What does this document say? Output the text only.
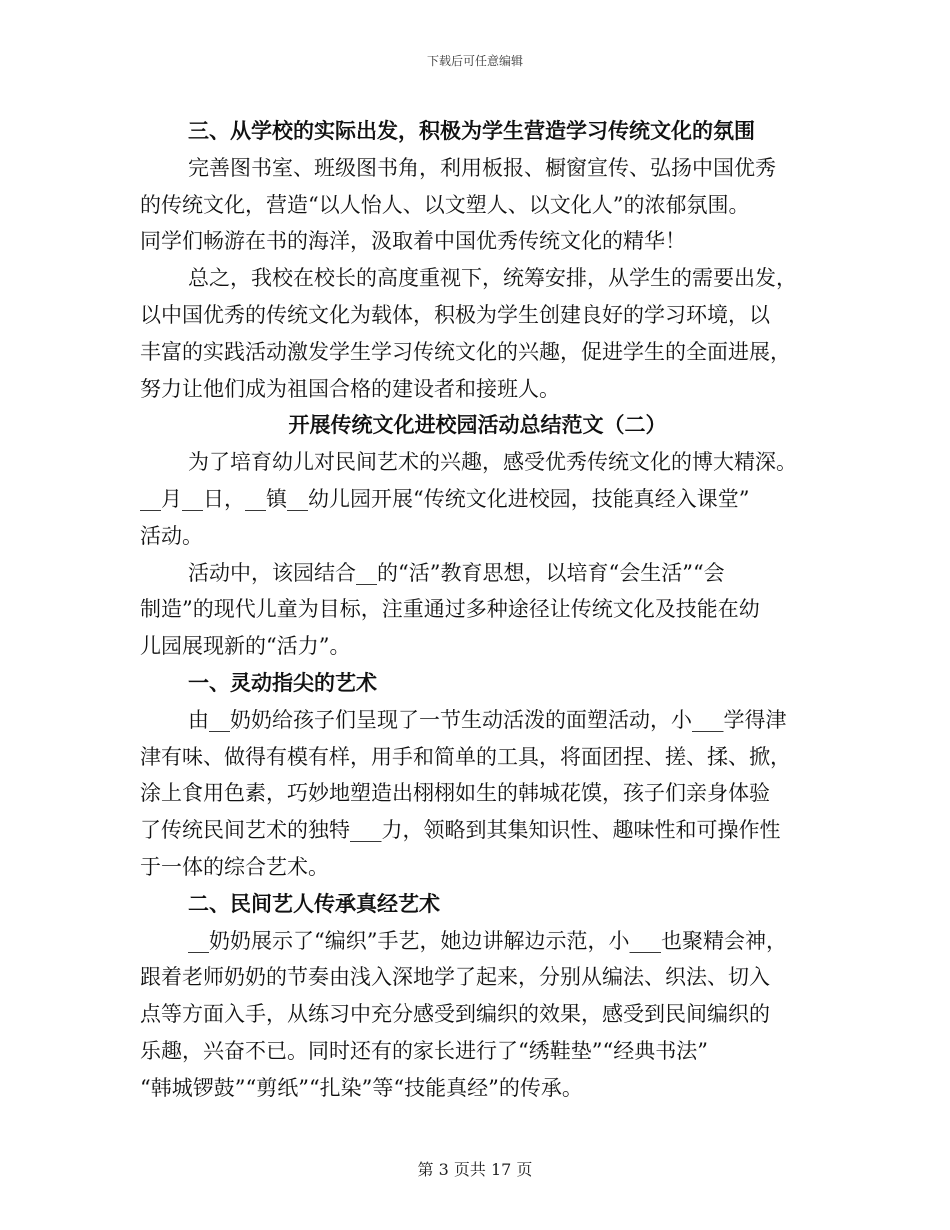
下载后可任意编辑
三、从学校的实际出发，积极为学生营造学习传统文化的氛围
完善图书室、班级图书角，利用板报、橱窗宣传、弘扬中国优秀
的传统文化，营造“以人怡人、以文塑人、以文化人”的浓郁氛围。
同学们畅游在书的海洋，汲取着中国优秀传统文化的精华！
总之，我校在校长的高度重视下，统筹安排，从学生的需要出发，
以中国优秀的传统文化为载体，积极为学生创建良好的学习环境，以
丰富的实践活动激发学生学习传统文化的兴趣，促进学生的全面进展，
努力让他们成为祖国合格的建设者和接班人。
开展传统文化进校园活动总结范文（二）
为了培育幼儿对民间艺术的兴趣，感受优秀传统文化的博大精深。
__月__日，__镇__幼儿园开展“传统文化进校园，技能真经入课堂”
活动。
活动中，该园结合__的“活”教育思想，以培育“会生活”“会
制造”的现代儿童为目标，注重通过多种途径让传统文化及技能在幼
儿园展现新的“活力”。
一、灵动指尖的艺术
由__奶奶给孩子们呈现了一节生动活泼的面塑活动，小___学得津
津有味、做得有模有样，用手和简单的工具，将面团捏、搓、揉、掀，
涂上食用色素，巧妙地塑造出栩栩如生的韩城花馍，孩子们亲身体验
了传统民间艺术的独特___力，领略到其集知识性、趣味性和可操作性
于一体的综合艺术。
二、民间艺人传承真经艺术
__奶奶展示了“编织”手艺，她边讲解边示范，小___也聚精会神，
跟着老师奶奶的节奏由浅入深地学了起来，分别从编法、织法、切入
点等方面入手，从练习中充分感受到编织的效果，感受到民间编织的
乐趣，兴奋不已。同时还有的家长进行了“绣鞋垫”“经典书法”
“韩城锣鼓”“剪纸”“扎染”等“技能真经”的传承。
第 3 页共 17 页
